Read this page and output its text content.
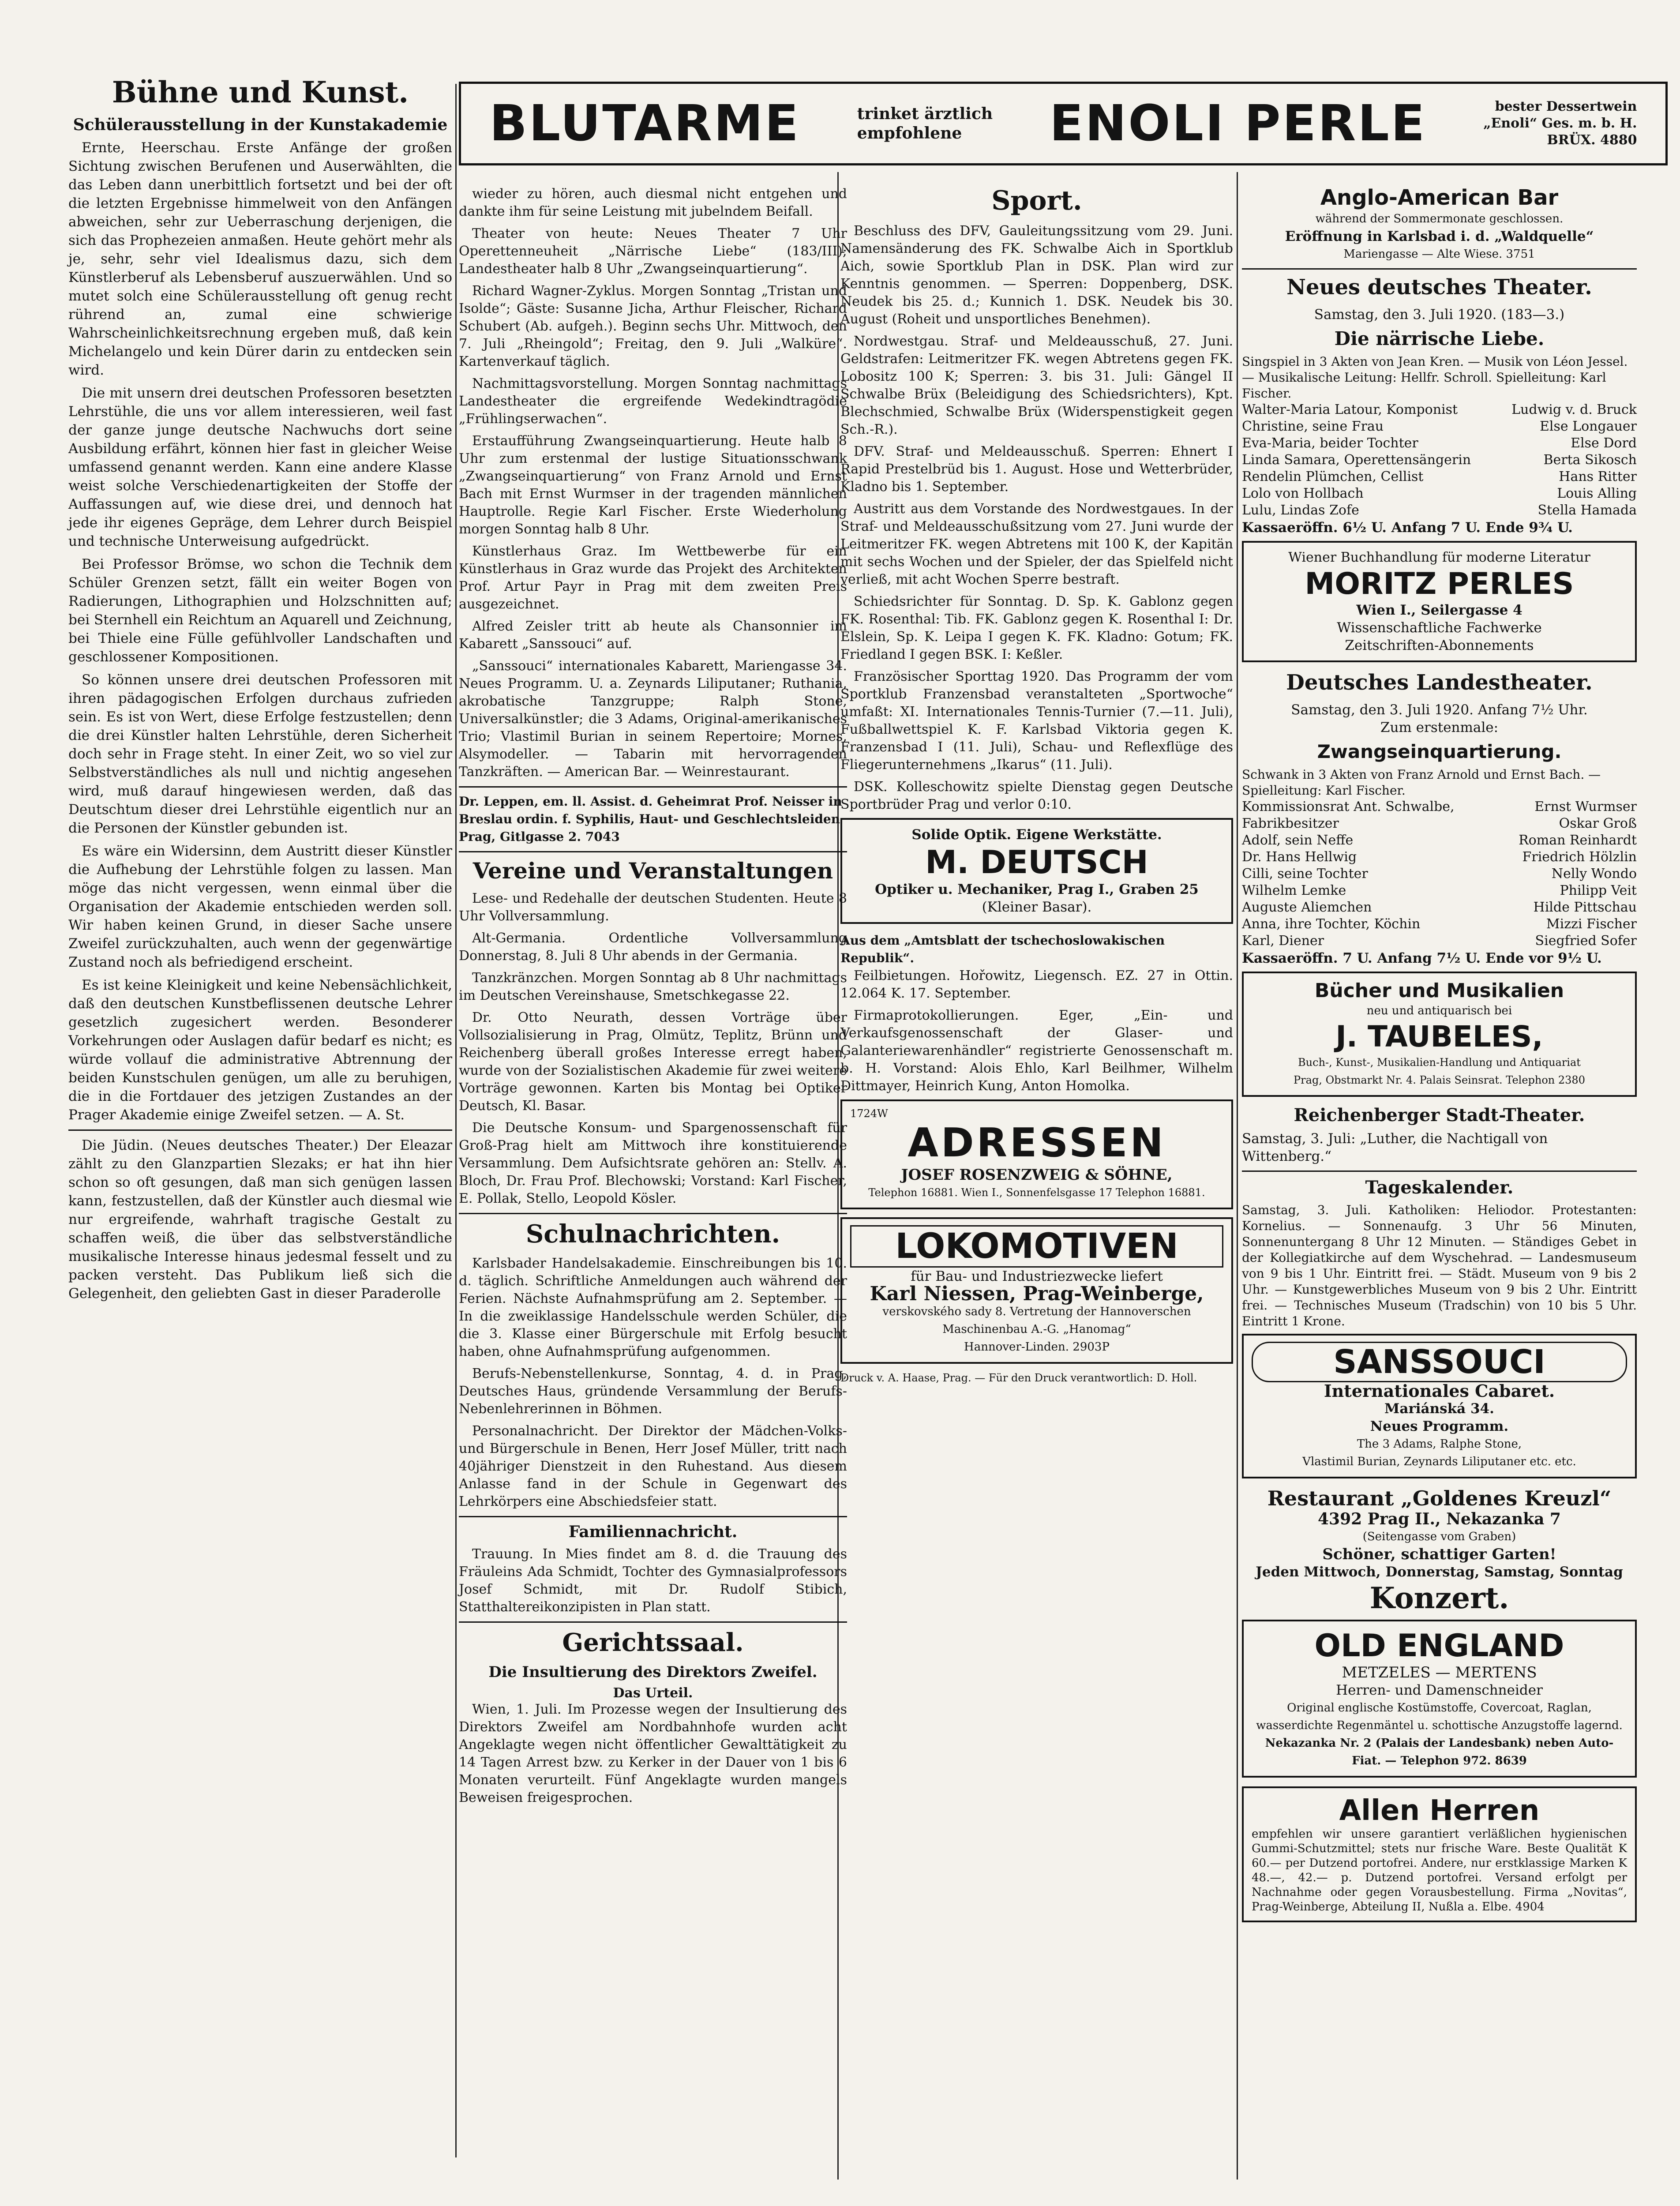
BLUTARME	trinket ärztlich
empfohlene	ENOLI PERLE	bester Dessertwein
„Enoli“ Ges. m. b. H.
BRÜX. 4880
Bühne und Kunst.
Schülerausstellung in der Kunstakademie

Ernte, Heerschau. Erste Anfänge der großen Sichtung zwischen Berufenen und Auserwählten, die das Leben dann unerbittlich fortsetzt und bei der oft die letzten Ergebnisse himmelweit von den Anfängen abweichen, sehr zur Ueberraschung derjenigen, die sich das Prophezeien anmaßen. Heute gehört mehr als je, sehr, sehr viel Idealismus dazu, sich dem Künstlerberuf als Lebensberuf auszuerwählen. Und so mutet solch eine Schülerausstellung oft genug recht rührend an, zumal eine schwierige Wahrscheinlichkeitsrechnung ergeben muß, daß kein Michelangelo und kein Dürer darin zu entdecken sein wird.

Die mit unsern drei deutschen Professoren besetzten Lehrstühle, die uns vor allem interessieren, weil fast der ganze junge deutsche Nachwuchs dort seine Ausbildung erfährt, können hier fast in gleicher Weise umfassend genannt werden. Kann eine andere Klasse weist solche Verschiedenartigkeiten der Stoffe der Auffassungen auf, wie diese drei, und dennoch hat jede ihr eigenes Gepräge, dem Lehrer durch Beispiel und technische Unterweisung aufgedrückt.

Bei Professor Brömse, wo schon die Technik dem Schüler Grenzen setzt, fällt ein weiter Bogen von Radierungen, Lithographien und Holzschnitten auf; bei Sternhell ein Reichtum an Aquarell und Zeichnung, bei Thiele eine Fülle gefühlvoller Landschaften und geschlossener Kompositionen.

So können unsere drei deutschen Professoren mit ihren pädagogischen Erfolgen durchaus zufrieden sein. Es ist von Wert, diese Erfolge festzustellen; denn die drei Künstler halten Lehrstühle, deren Sicherheit doch sehr in Frage steht. In einer Zeit, wo so viel zur Selbstverständliches als null und nichtig angesehen wird, muß darauf hingewiesen werden, daß das Deutschtum dieser drei Lehrstühle eigentlich nur an die Personen der Künstler gebunden ist.

Es wäre ein Widersinn, dem Austritt dieser Künstler die Aufhebung der Lehrstühle folgen zu lassen. Man möge das nicht vergessen, wenn einmal über die Organisation der Akademie entschieden werden soll. Wir haben keinen Grund, in dieser Sache unsere Zweifel zurückzuhalten, auch wenn der gegenwärtige Zustand noch als befriedigend erscheint.

Es ist keine Kleinigkeit und keine Nebensächlichkeit, daß den deutschen Kunstbeflissenen deutsche Lehrer gesetzlich zugesichert werden. Besonderer Vorkehrungen oder Auslagen dafür bedarf es nicht; es würde vollauf die administrative Abtrennung der beiden Kunstschulen genügen, um alle zu beruhigen, die in die Fortdauer des jetzigen Zustandes an der Prager Akademie einige Zweifel setzen. — A. St.

Die Jüdin. (Neues deutsches Theater.) Der Eleazar zählt zu den Glanzpartien Slezaks; er hat ihn hier schon so oft gesungen, daß man sich genügen lassen kann, festzustellen, daß der Künstler auch diesmal wie nur ergreifende, wahrhaft tragische Gestalt zu schaffen weiß, die über das selbstverständliche musikalische Interesse hinaus jedesmal fesselt und zu packen versteht. Das Publikum ließ sich die Gelegenheit, den geliebten Gast in dieser Paraderolle

wieder zu hören, auch diesmal nicht entgehen und dankte ihm für seine Leistung mit jubelndem Beifall.

Theater von heute: Neues Theater 7 Uhr Operettenneuheit „Närrische Liebe“ (183/III); Landestheater halb 8 Uhr „Zwangseinquartierung“.

Richard Wagner-Zyklus. Morgen Sonntag „Tristan und Isolde“; Gäste: Susanne Jicha, Arthur Fleischer, Richard Schubert (Ab. aufgeh.). Beginn sechs Uhr. Mittwoch, den 7. Juli „Rheingold“; Freitag, den 9. Juli „Walküre“. Kartenverkauf täglich.

Nachmittagsvorstellung. Morgen Sonntag nachmittags Landestheater die ergreifende Wedekindtragödie „Frühlingserwachen“.

Erstaufführung Zwangseinquartierung. Heute halb 8 Uhr zum erstenmal der lustige Situationsschwank „Zwangseinquartierung“ von Franz Arnold und Ernst Bach mit Ernst Wurmser in der tragenden männlichen Hauptrolle. Regie Karl Fischer. Erste Wiederholung morgen Sonntag halb 8 Uhr.

Künstlerhaus Graz. Im Wettbewerbe für ein Künstlerhaus in Graz wurde das Projekt des Architekten Prof. Artur Payr in Prag mit dem zweiten Preis ausgezeichnet.

Alfred Zeisler tritt ab heute als Chansonnier im Kabarett „Sanssouci“ auf.

„Sanssouci“ internationales Kabarett, Mariengasse 34. Neues Programm. U. a. Zeynards Liliputaner; Ruthania, akrobatische Tanzgruppe; Ralph Stone, Universalkünstler; die 3 Adams, Original-amerikanisches Trio; Vlastimil Burian in seinem Repertoire; Mornes, Alsymodeller. — Tabarin mit hervorragenden Tanzkräften. — American Bar. — Weinrestaurant.

Dr. Leppen, em. ll. Assist. d. Geheimrat Prof. Neisser in Breslau ordin. f. Syphilis, Haut- und Geschlechtsleiden Prag, Gitlgasse 2. 7043
Vereine und Veranstaltungen

Lese- und Redehalle der deutschen Studenten. Heute 8 Uhr Vollversammlung.

Alt-Germania. Ordentliche Vollversammlung Donnerstag, 8. Juli 8 Uhr abends in der Germania.

Tanzkränzchen. Morgen Sonntag ab 8 Uhr nachmittags im Deutschen Vereinshause, Smetschkegasse 22.

Dr. Otto Neurath, dessen Vorträge über Vollsozialisierung in Prag, Olmütz, Teplitz, Brünn und Reichenberg überall großes Interesse erregt haben, wurde von der Sozialistischen Akademie für zwei weitere Vorträge gewonnen. Karten bis Montag bei Optiker Deutsch, Kl. Basar.

Die Deutsche Konsum- und Spargenossenschaft für Groß-Prag hielt am Mittwoch ihre konstituierende Versammlung. Dem Aufsichtsrate gehören an: Stellv. A. Bloch, Dr. Frau Prof. Blechowski; Vorstand: Karl Fischer, E. Pollak, Stello, Leopold Kösler.

Schulnachrichten.

Karlsbader Handelsakademie. Einschreibungen bis 10. d. täglich. Schriftliche Anmeldungen auch während der Ferien. Nächste Aufnahmsprüfung am 2. September. — In die zweiklassige Handelsschule werden Schüler, die die 3. Klasse einer Bürgerschule mit Erfolg besucht haben, ohne Aufnahmsprüfung aufgenommen.

Berufs-Nebenstellenkurse, Sonntag, 4. d. in Prag, Deutsches Haus, gründende Versammlung der Berufs-Nebenlehrerinnen in Böhmen.

Personalnachricht. Der Direktor der Mädchen-Volks- und Bürgerschule in Benen, Herr Josef Müller, tritt nach 40jähriger Dienstzeit in den Ruhestand. Aus diesem Anlasse fand in der Schule in Gegenwart des Lehrkörpers eine Abschiedsfeier statt.

Familiennachricht.

Trauung. In Mies findet am 8. d. die Trauung des Fräuleins Ada Schmidt, Tochter des Gymnasialprofessors Josef Schmidt, mit Dr. Rudolf Stibich, Statthaltereikonzipisten in Plan statt.

Gerichtssaal.
Die Insultierung des Direktors Zweifel.
Das Urteil.

Wien, 1. Juli. Im Prozesse wegen der Insultierung des Direktors Zweifel am Nordbahnhofe wurden acht Angeklagte wegen nicht öffentlicher Gewalttätigkeit zu 14 Tagen Arrest bzw. zu Kerker in der Dauer von 1 bis 6 Monaten verurteilt. Fünf Angeklagte wurden mangels Beweisen freigesprochen.

Sport.

Beschluss des DFV, Gauleitungssitzung vom 29. Juni. Namensänderung des FK. Schwalbe Aich in Sportklub Aich, sowie Sportklub Plan in DSK. Plan wird zur Kenntnis genommen. — Sperren: Doppenberg, DSK. Neudek bis 25. d.; Kunnich 1. DSK. Neudek bis 30. August (Roheit und unsportliches Benehmen).

Nordwestgau. Straf- und Meldeausschuß, 27. Juni. Geldstrafen: Leitmeritzer FK. wegen Abtretens gegen FK. Lobositz 100 K; Sperren: 3. bis 31. Juli: Gängel II Schwalbe Brüx (Beleidigung des Schiedsrichters), Kpt. Blechschmied, Schwalbe Brüx (Widerspenstigkeit gegen Sch.-R.).

DFV. Straf- und Meldeausschuß. Sperren: Ehnert I Rapid Prestelbrüd bis 1. August. Hose und Wetterbrüder, Kladno bis 1. September.

Austritt aus dem Vorstande des Nordwestgaues. In der Straf- und Meldeausschußsitzung vom 27. Juni wurde der Leitmeritzer FK. wegen Abtretens mit 100 K, der Kapitän mit sechs Wochen und der Spieler, der das Spielfeld nicht verließ, mit acht Wochen Sperre bestraft.

Schiedsrichter für Sonntag. D. Sp. K. Gablonz gegen FK. Rosenthal: Tib. FK. Gablonz gegen K. Rosenthal I: Dr. Elslein, Sp. K. Leipa I gegen K. FK. Kladno: Gotum; FK. Friedland I gegen BSK. I: Keßler.

Französischer Sporttag 1920. Das Programm der vom Sportklub Franzensbad veranstalteten „Sportwoche“ umfaßt: XI. Internationales Tennis-Turnier (7.—11. Juli), Fußballwettspiel K. F. Karlsbad Viktoria gegen K. Franzensbad I (11. Juli), Schau- und Reflexflüge des Fliegerunternehmens „Ikarus“ (11. Juli).

DSK. Kolleschowitz spielte Dienstag gegen Deutsche Sportbrüder Prag und verlor 0:10.

Solide Optik. Eigene Werkstätte.
M. DEUTSCH
Optiker u. Mechaniker, Prag I., Graben 25
(Kleiner Basar).
Aus dem „Amtsblatt der tschechoslowakischen Republik“.

Feilbietungen. Hořowitz, Liegensch. EZ. 27 in Ottin. 12.064 K. 17. September.

Firmaprotokollierungen. Eger, „Ein- und Verkaufsgenossenschaft der Glaser- und Galanteriewarenhändler“ registrierte Genossenschaft m. b. H. Vorstand: Alois Ehlo, Karl Beilhmer, Wilhelm Dittmayer, Heinrich Kung, Anton Homolka.

1724W
ADRESSEN
JOSEF ROSENZWEIG & SÖHNE,
Telephon 16881. Wien I., Sonnenfelsgasse 17 Telephon 16881.
LOKOMOTIVEN
für Bau- und Industriezwecke liefert
Karl Niessen, Prag-Weinberge,
verskovského sady 8. Vertretung der Hannoverschen Maschinenbau A.-G. „Hanomag“
Hannover-Linden. 2903P
Druck v. A. Haase, Prag. — Für den Druck verantwortlich: D. Holl.
Anglo-American Bar
während der Sommermonate geschlossen.
Eröffnung in Karlsbad i. d. „Waldquelle“
Mariengasse — Alte Wiese. 3751
Neues deutsches Theater.
Samstag, den 3. Juli 1920. (183—3.)
Die närrische Liebe.
Singspiel in 3 Akten von Jean Kren. — Musik von Léon Jessel. — Musikalische Leitung: Hellfr. Schroll. Spielleitung: Karl Fischer.
Walter-Maria Latour, Komponist	Ludwig v. d. Bruck
Christine, seine Frau	Else Longauer
Eva-Maria, beider Tochter	Else Dord
Linda Samara, Operettensängerin	Berta Sikosch
Rendelin Plümchen, Cellist	Hans Ritter
Lolo von Hollbach	Louis Alling
Lulu, Lindas Zofe	Stella Hamada
Kassaeröffn. 6½ U. Anfang 7 U. Ende 9¾ U.
Wiener Buchhandlung für moderne Literatur
MORITZ PERLES
Wien I., Seilergasse 4
Wissenschaftliche Fachwerke
Zeitschriften-Abonnements
Deutsches Landestheater.
Samstag, den 3. Juli 1920. Anfang 7½ Uhr.
Zum erstenmale:
Zwangseinquartierung.
Schwank in 3 Akten von Franz Arnold und Ernst Bach. — Spielleitung: Karl Fischer.
Kommissionsrat Ant. Schwalbe,	Ernst Wurmser
Fabrikbesitzer	Oskar Groß
Adolf, sein Neffe	Roman Reinhardt
Dr. Hans Hellwig	Friedrich Hölzlin
Cilli, seine Tochter	Nelly Wondo
Wilhelm Lemke	Philipp Veit
Auguste Aliemchen	Hilde Pittschau
Anna, ihre Tochter, Köchin	Mizzi Fischer
Karl, Diener	Siegfried Sofer
Kassaeröffn. 7 U. Anfang 7½ U. Ende vor 9½ U.
Bücher und Musikalien
neu und antiquarisch bei
J. TAUBELES,
Buch-, Kunst-, Musikalien-Handlung und Antiquariat
Prag, Obstmarkt Nr. 4. Palais Seinsrat. Telephon 2380
Reichenberger Stadt-Theater.
Samstag, 3. Juli: „Luther, die Nachtigall von Wittenberg.“
Tageskalender.
Samstag, 3. Juli. Katholiken: Heliodor. Protestanten: Kornelius. — Sonnenaufg. 3 Uhr 56 Minuten, Sonnenuntergang 8 Uhr 12 Minuten. — Ständiges Gebet in der Kollegiatkirche auf dem Wyschehrad. — Landesmuseum von 9 bis 1 Uhr. Eintritt frei. — Städt. Museum von 9 bis 2 Uhr. — Kunstgewerbliches Museum von 9 bis 2 Uhr. Eintritt frei. — Technisches Museum (Tradschin) von 10 bis 5 Uhr. Eintritt 1 Krone.
SANSSOUCI
Internationales Cabaret.
Mariánská 34.
Neues Programm.
The 3 Adams, Ralphe Stone,
Vlastimil Burian, Zeynards Liliputaner etc. etc.
Restaurant „Goldenes Kreuzl“
4392 Prag II., Nekazanka 7
(Seitengasse vom Graben)
Schöner, schattiger Garten!
Jeden Mittwoch, Donnerstag, Samstag, Sonntag
Konzert.
OLD ENGLAND
METZELES — MERTENS
Herren- und Damenschneider
Original englische Kostümstoffe, Covercoat, Raglan, wasserdichte Regenmäntel u. schottische Anzugstoffe lagernd.
Nekazanka Nr. 2 (Palais der Landesbank) neben Auto-Fiat. — Telephon 972. 8639
Allen Herren
empfehlen wir unsere garantiert verläßlichen hygienischen Gummi-Schutzmittel; stets nur frische Ware. Beste Qualität K 60.— per Dutzend portofrei. Andere, nur erstklassige Marken K 48.—, 42.— p. Dutzend portofrei. Versand erfolgt per Nachnahme oder gegen Vorausbestellung. Firma „Novitas“, Prag-Weinberge, Abteilung II, Nußla a. Elbe. 4904
